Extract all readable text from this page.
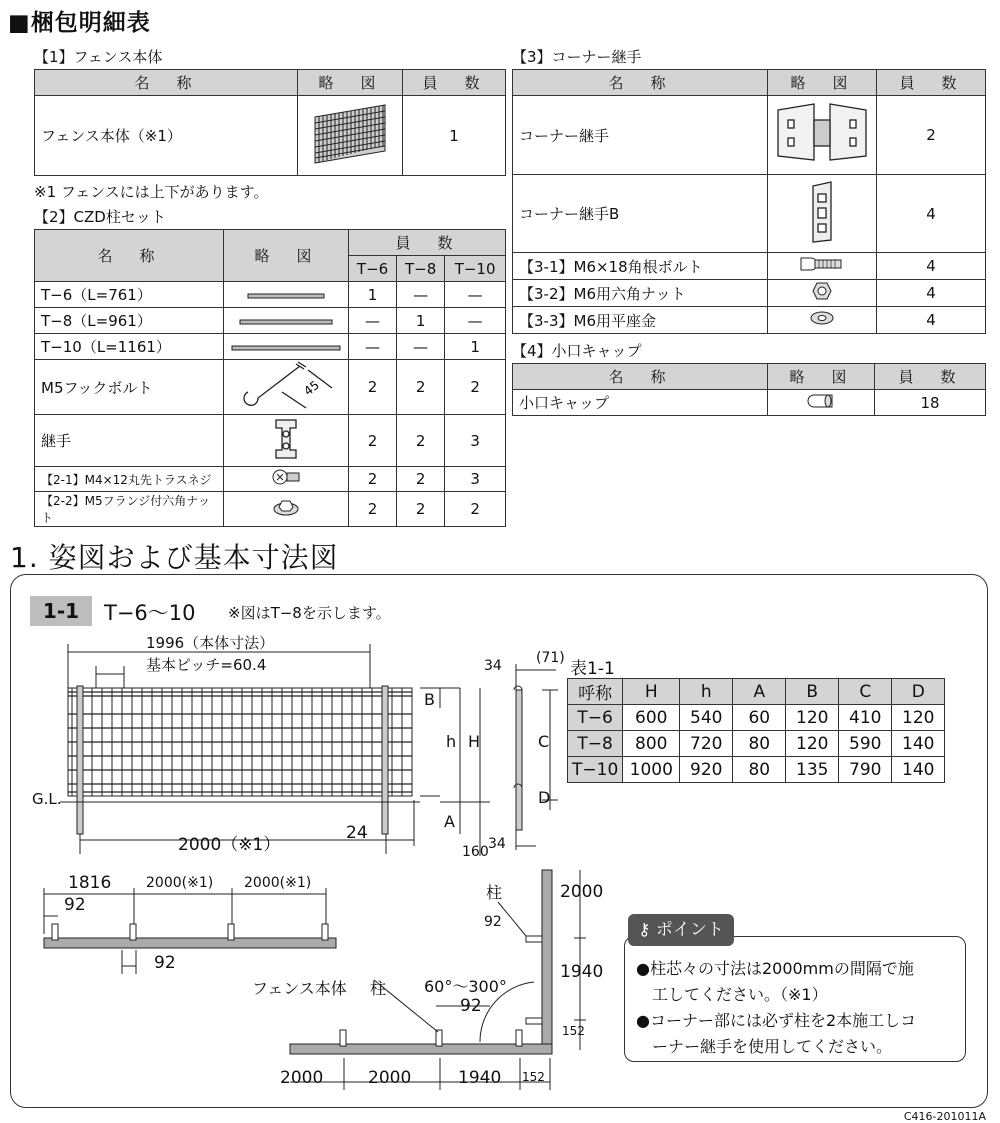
■梱包明細表
【1】フェンス本体
名　称	略　図	員　数
フェンス本体（※1）		1
※1 フェンスには上下があります。
【2】CZD柱セット
名　称	略　図	員　数		
		T−6	T−8	T−10
T−6（L=761）		1	—	—
T−8（L=961）		—	1	—
T−10（L=1161）		—	—	1
M5フックボルト	45	2	2	2
継手		2	2	3
【2-1】M4×12丸先トラスネジ		2	2	3
【2-2】M5フランジ付六角ナット		2	2	2
【3】コーナー継手
名　称	略　図	員　数
コーナー継手		2
コーナー継手B		4
【3-1】M6×18角根ボルト		4
【3-2】M6用六角ナット		4
【3-3】M6用平座金		4
【4】小口キャップ
名　称	略　図	員　数
小口キャップ		18
1. 姿図および基本寸法図
1-1	T−6〜10 ※図はT−8を示します。
1996（本体寸法）
基本ピッチ=60.4
G.L.
2000（※1）
24
B
h H
A
160
34 (71)
C
D
34
表1-1
呼称	H	h	A	B	C	D
T−6	600	540	60	120	410	120
T−8	800	720	80	120	590	140
T−10	1000	920	80	135	790	140
1816 2000(※1) 2000(※1)
92
92
柱
92
フェンス本体 柱 60°〜300°
92
2000
1940
152
2000	2000	1940 152
⚷ ポイント
●柱芯々の寸法は2000mmの間隔で施
　工してください。（※1）
●コーナー部には必ず柱を2本施工しコ
　ーナー継手を使用してください。
C416-201011A
